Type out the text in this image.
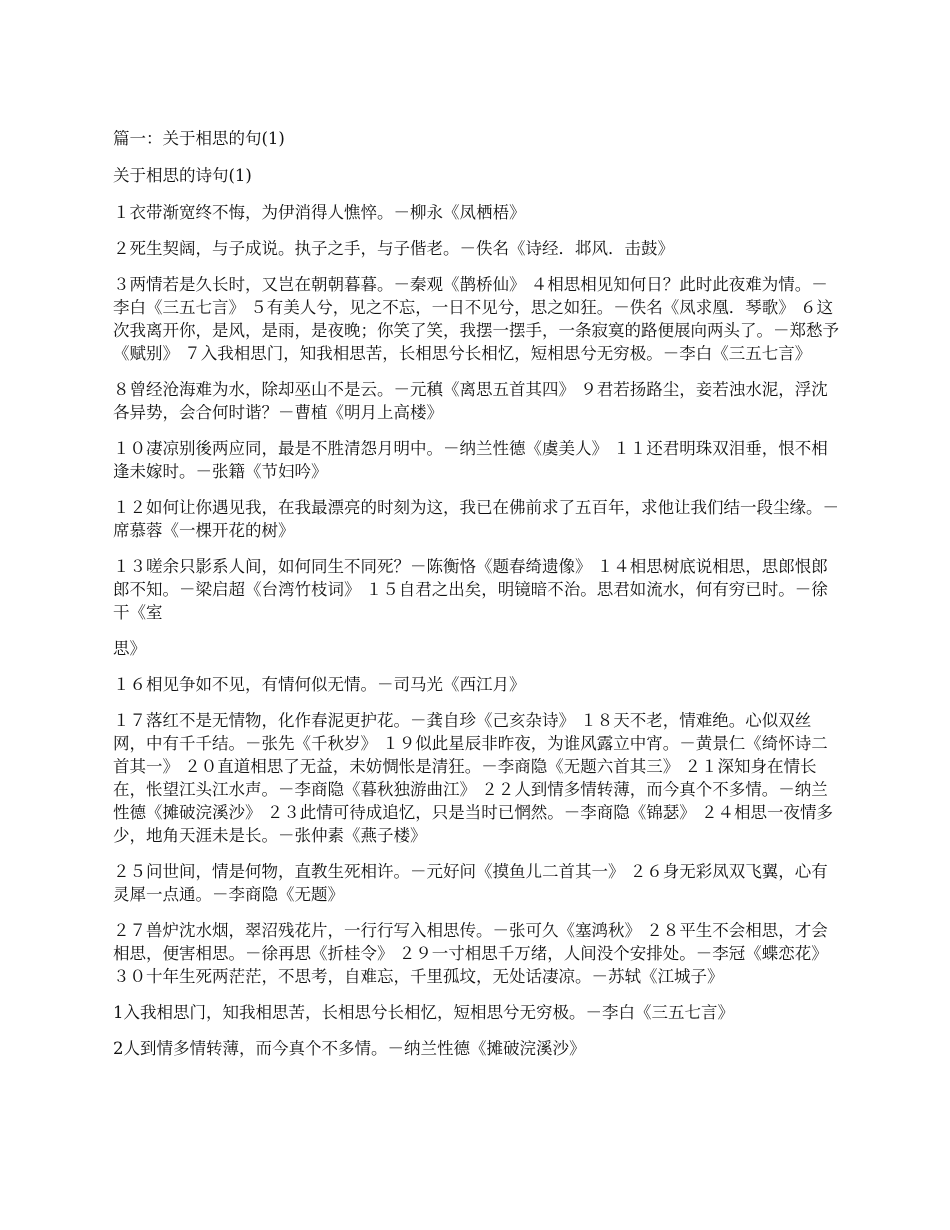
篇一：关于相思的句(1)

关于相思的诗句(1)

１衣带渐宽终不悔，为伊消得人憔悴。－柳永《凤栖梧》

２死生契阔，与子成说。执子之手，与子偕老。－佚名《诗经．邶风．击鼓》

３两情若是久长时，又岂在朝朝暮暮。－秦观《鹊桥仙》 ４相思相见知何日？此时此夜难为情。－李白《三五七言》 ５有美人兮，见之不忘，一日不见兮，思之如狂。－佚名《凤求凰．琴歌》 ６这次我离开你，是风，是雨，是夜晚；你笑了笑，我摆一摆手，一条寂寞的路便展向两头了。－郑愁予《赋别》 ７入我相思门，知我相思苦，长相思兮长相忆，短相思兮无穷极。－李白《三五七言》

８曾经沧海难为水，除却巫山不是云。－元稹《离思五首其四》 ９君若扬路尘，妾若浊水泥，浮沈各异势，会合何时谐？－曹植《明月上高楼》

１０凄凉别後两应同，最是不胜清怨月明中。－纳兰性德《虞美人》 １１还君明珠双泪垂，恨不相逢未嫁时。－张籍《节妇吟》

１２如何让你遇见我，在我最漂亮的时刻为这，我已在佛前求了五百年，求他让我们结一段尘缘。－席慕蓉《一棵开花的树》

１３嗟余只影系人间，如何同生不同死？－陈衡恪《题春绮遗像》 １４相思树底说相思，思郎恨郎郎不知。－梁启超《台湾竹枝词》 １５自君之出矣，明镜暗不治。思君如流水，何有穷已时。－徐干《室

思》

１６相见争如不见，有情何似无情。－司马光《西江月》

１７落红不是无情物，化作春泥更护花。－龚自珍《己亥杂诗》 １８天不老，情难绝。心似双丝网，中有千千结。－张先《千秋岁》 １９似此星辰非昨夜，为谁风露立中宵。－黄景仁《绮怀诗二首其一》 ２０直道相思了无益，未妨惆怅是清狂。－李商隐《无题六首其三》 ２１深知身在情长在，怅望江头江水声。－李商隐《暮秋独游曲江》 ２２人到情多情转薄，而今真个不多情。－纳兰性德《摊破浣溪沙》 ２３此情可待成追忆，只是当时已惘然。－李商隐《锦瑟》 ２４相思一夜情多少，地角天涯未是长。－张仲素《燕子楼》

２５问世间，情是何物，直教生死相许。－元好问《摸鱼儿二首其一》 ２６身无彩凤双飞翼，心有灵犀一点通。－李商隐《无题》

２７兽炉沈水烟，翠沼残花片，一行行写入相思传。－张可久《塞鸿秋》 ２８平生不会相思，才会相思，便害相思。－徐再思《折桂令》 ２９一寸相思千万绪，人间没个安排处。－李冠《蝶恋花》 ３０十年生死两茫茫，不思考，自难忘，千里孤坟，无处话凄凉。－苏轼《江城子》

1入我相思门，知我相思苦，长相思兮长相忆，短相思兮无穷极。－李白《三五七言》

2人到情多情转薄，而今真个不多情。－纳兰性德《摊破浣溪沙》
